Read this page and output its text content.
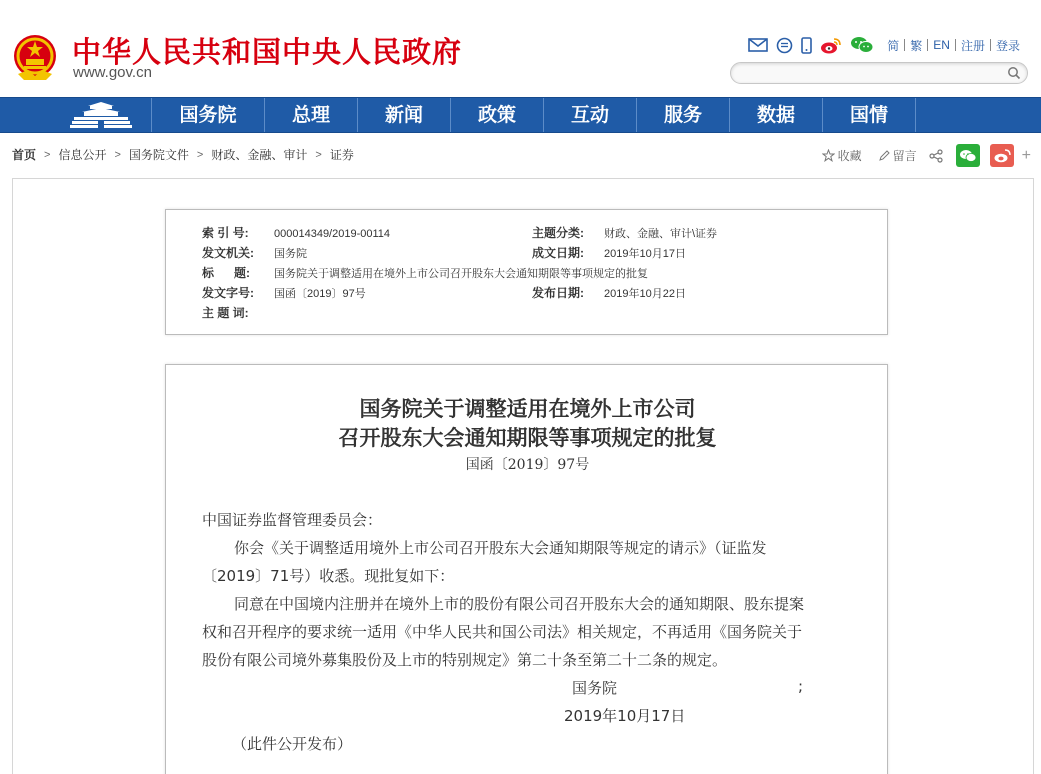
中华人民共和国中央人民政府
www.gov.cn
简 繁 EN 注册 登录
国务院	总理	新闻	政策	互动	服务	数据	国情
首页 > 信息公开 > 国务院文件 > 财政、金融、审计 > 证券	收藏	留言	+
索 引 号: 000014349/2019-00114	主题分类: 财政、金融、审计\证券
发文机关: 国务院	成文日期: 2019年10月17日
标      题: 国务院关于调整适用在境外上市公司召开股东大会通知期限等事项规定的批复
发文字号: 国函〔2019〕97号	发布日期: 2019年10月22日
主 题 词:
国务院关于调整适用在境外上市公司
召开股东大会通知期限等事项规定的批复
国函〔2019〕97号
中国证券监督管理委员会：
你会《关于调整适用境外上市公司召开股东大会通知期限等规定的请示》（证监发
〔2019〕71号）收悉。现批复如下：
同意在中国境内注册并在境外上市的股份有限公司召开股东大会的通知期限、股东提案
权和召开程序的要求统一适用《中华人民共和国公司法》相关规定，不再适用《国务院关于
股份有限公司境外募集股份及上市的特别规定》第二十条至第二十二条的规定。
国务院	;
2019年10月17日
（此件公开发布）
